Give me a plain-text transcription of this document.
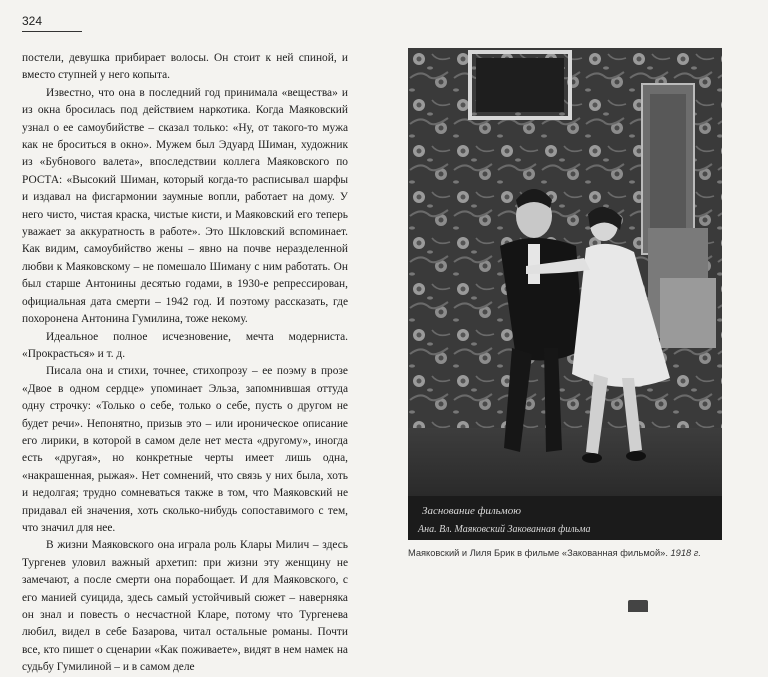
324

постели, девушка прибирает волосы. Он стоит к ней спиной, и вместо ступней у него копыта.

Известно, что она в последний год принимала «вещества» и из окна бросилась под действием наркотика. Когда Маяковский узнал о ее самоубийстве – сказал только: «Ну, от такого-то мужа как не броситься в окно». Мужем был Эдуард Шиман, художник из «Бубнового валета», впоследствии коллега Маяковского по РОСТА: «Высокий Шиман, который когда-то расписывал шарфы и издавал на фисгармонии заумные вопли, работает на дому. У него чисто, чистая краска, чистые кисти, и Маяковский его теперь уважает за аккуратность в работе». Это Шкловский вспоминает. Как видим, самоубийство жены – явно на почве неразделенной любви к Маяковскому – не помешало Шиману с ним работать. Он был старше Антонины десятью годами, в 1930-е репрессирован, официальная дата смерти – 1942 год. И поэтому рассказать, где похоронена Антонина Гумилина, тоже некому.

Идеальное полное исчезновение, мечта модерниста. «Прокрасться» и т. д.

Писала она и стихи, точнее, стихопрозу – ее поэму в прозе «Двое в одном сердце» упоминает Эльза, запомнившая оттуда одну строчку: «Только о себе, только о себе, пусть о другом не будет речи». Непонятно, призыв это – или ироническое описание его лирики, в которой в самом деле нет места «другому», иногда есть «другая», но конкретные черты имеет лишь одна, «накрашенная, рыжая». Нет сомнений, что связь у них была, хоть и недолгая; трудно сомневаться также в том, что Маяковский не придавал ей значения, хоть сколько-нибудь сопоставимого с тем, что значил для нее.

В жизни Маяковского она играла роль Клары Милич – здесь Тургенев уловил важный архетип: при жизни эту женщину не замечают, а после смерти она порабощает. И для Маяковского, с его манией суицида, здесь самый устойчивый сюжет – наверняка он знал и повесть о несчастной Кларе, потому что Тургенева любил, видел в себе Базарова, читал остальные романы. Почти все, кто пишет о сценарии «Как поживаете», видят в нем намек на судьбу Гумилиной – и в самом деле

Заснование фильмою
Ана. Вл. Маяковский Закованная фильма
Маяковский и Лиля Брик в фильме «Закованная фильмой». 1918 г.
